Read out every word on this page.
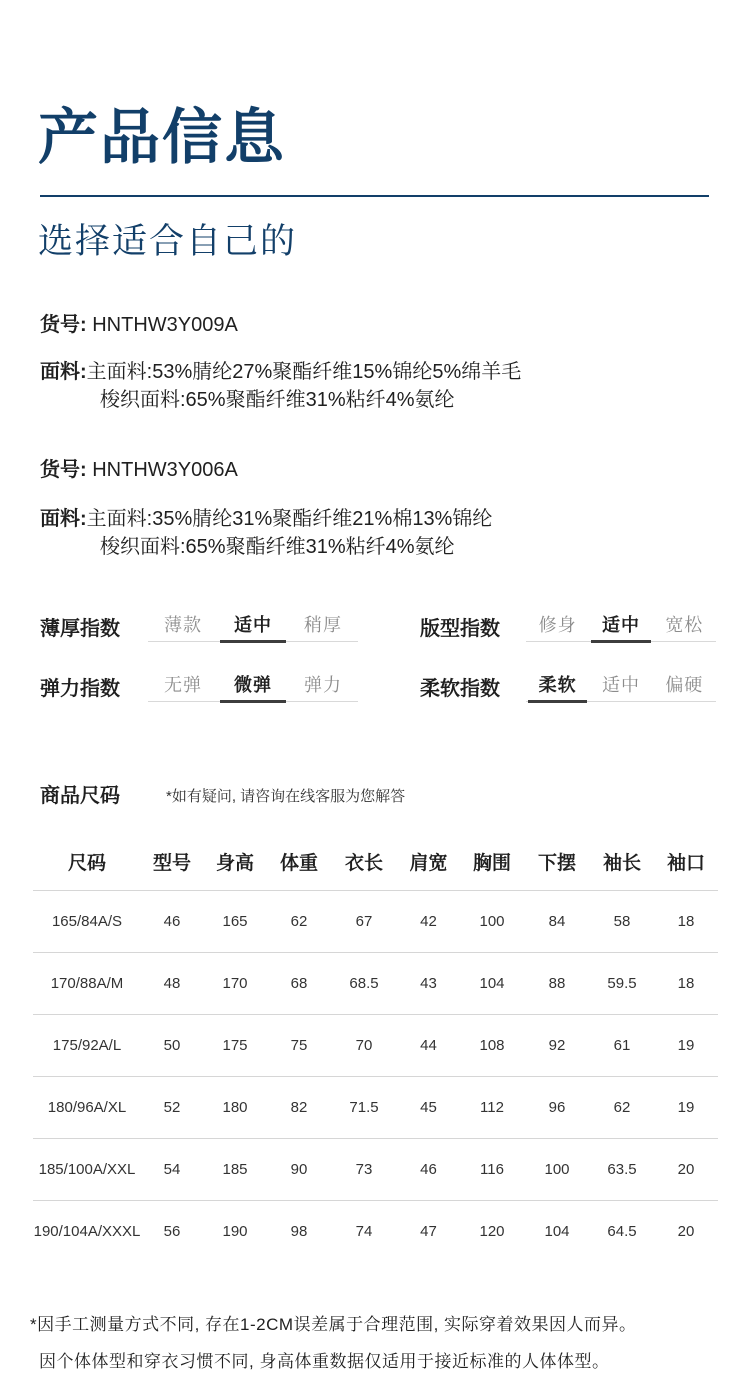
产品信息
选择适合自己的
货号: HNTHW3Y009A
面料:主面料:53%腈纶27%聚酯纤维15%锦纶5%绵羊毛
梭织面料:65%聚酯纤维31%粘纤4%氨纶
货号: HNTHW3Y006A
面料:主面料:35%腈纶31%聚酯纤维21%棉13%锦纶
梭织面料:65%聚酯纤维31%粘纤4%氨纶
薄厚指数	薄款	适中	稍厚	版型指数	修身	适中	宽松
弹力指数	无弹	微弹	弹力	柔软指数	柔软	适中	偏硬
商品尺码	*如有疑问, 请咨询在线客服为您解答
尺码	型号	身高	体重	衣长	肩宽	胸围	下摆	袖长	袖口
165/84A/S	46	165	62	67	42	100	84	58	18
170/88A/M	48	170	68	68.5	43	104	88	59.5	18
175/92A/L	50	175	75	70	44	108	92	61	19
180/96A/XL	52	180	82	71.5	45	112	96	62	19
185/100A/XXL	54	185	90	73	46	116	100	63.5	20
190/104A/XXXL	56	190	98	74	47	120	104	64.5	20
*因手工测量方式不同, 存在1-2CM误差属于合理范围, 实际穿着效果因人而异。
因个体体型和穿衣习惯不同, 身高体重数据仅适用于接近标准的人体体型。
